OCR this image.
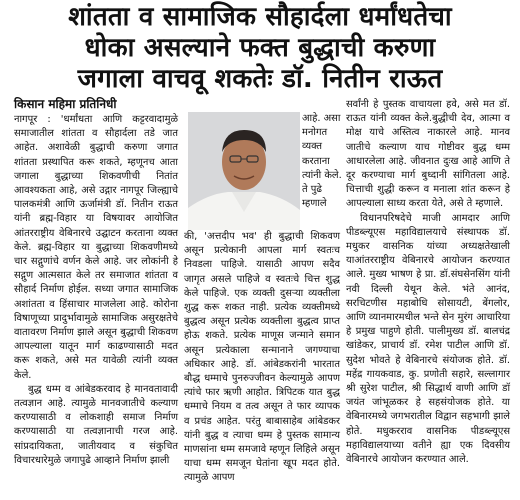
शांतता व सामाजिक सौहार्दला धर्मांधतेचा
धोका असल्याने फक्त बुद्धाची करुणा
जगाला वाचवू शकतेः डॉ. नितीन राऊत
किसान महिमा प्रतिनिधी

नागपूर : 'धर्मांधता आणि कट्टरवादामुळे समाजातील शांतता व सौहार्दला तडे जात आहेत. अशावेळी बुद्धाची करुणा जगात शांतता प्रस्थापित करू शकते, म्हणूनच आता जगाला बुद्धाच्या शिकवणीची नितांत आवश्यकता आहे, असे उद्गार नागपूर जिल्ह्याचे पालकमंत्री आणि ऊर्जामंत्री डॉ. नितीन राऊत यांनी ब्रह्म-विहार या विषयावर आयोजित आंतरराष्ट्रीय वेबिनारचे उद्घाटन करताना व्यक्त केले. ब्रह्म-विहार या बुद्धाच्या शिकवणीमध्ये चार सद्गुणांचे वर्णन केले आहे. जर लोकांनी हे सद्गुण आत्मसात केले तर समाजात शांतता व सौहार्द निर्माण होईल. सध्या जगात सामाजिक अशांतता व हिंसाचार माजलेला आहे. कोरोना विषाणूच्या प्रादुर्भावामुळे सामाजिक असुरक्षतेचे वातावरण निर्माण झाले असून बुद्धाची शिकवण आपल्याला यातून मार्ग काढण्यासाठी मदत करू शकते, असे मत यावेळी त्यांनी व्यक्त केले.

बुद्ध धम्म व आंबेडकरवाद हे मानवतावादी तत्वज्ञान आहे. त्यामुळे मानवजातीचे कल्याण करण्यासाठी व लोकशाही समाज निर्माण करण्यासाठी या तत्वज्ञानाची गरज आहे. सांप्रदायिकता, जातीयवाद व संकुचित विचारधारेमुळे जगापुढे आव्हाने निर्माण झाली

आहे. असा मनोगत व्यक्त करताना त्यांनी केले. ते पुढे म्हणाले

की, 'अत्तदीप भव' ही बुद्धाची शिकवण असून प्रत्येकानी आपला मार्ग स्वतःच निवडला पाहिजे. यासाठी आपण सदैव जागृत असले पाहिजे व स्वतःचे चित्त शुद्ध केले पाहिजे. एक व्यक्ती दुसऱ्या व्यक्तीला शुद्ध करू शकत नाही. प्रत्येक व्यक्तीमध्ये बुद्धत्व असून प्रत्येक व्यक्तीला बुद्धत्व प्राप्त होऊ शकते. प्रत्येक माणूस जन्माने समान असून प्रत्येकाला सन्मानाने जगण्याचा अधिकार आहे. डॉ. आंबेडकरांनी भारतात बौद्ध धम्माचे पुनरुज्जीवन केल्यामुळे आपण त्यांचे फार ऋणी आहोत. त्रिपिटक यात बुद्ध धम्माचे नियम व तत्व असून ते फार व्यापक व प्रचंड आहेत. परंतु बाबासाहेब आंबेडकर यांनी बुद्ध व त्याचा धम्म हे पुस्तक सामान्य माणसांना धम्म समजावे म्हणून लिहिले असून याचा धम्म समजून घेतांना खूप मदत होते. त्यामुळे आपण

सर्वांनी हे पुस्तक वाचायला हवे, असे मत डॉ. राऊत यांनी व्यक्त केले.बुद्धीची देव, आत्मा व मोक्ष याचे अस्तित्व नाकारले आहे. मानव जातीचे कल्याण याच गोष्टीवर बुद्ध धम्म आधारलेला आहे. जीवनात दुःख आहे आणि ते दूर करण्याचा मार्ग बुध्दानी सांगितला आहे. चित्ताची शुद्धी करून व मनाला शांत करून हे आपल्याला साध्य करता येते, असे ते म्हणाले.

विधानपरिषदेचे माजी आमदार आणि पीडब्ल्यूएस महाविद्यालयाचे संस्थापक डॉ. मधुकर वासनिक यांच्या अध्यक्षतेखाली याआंतरराष्ट्रीय वेबिनारचे आयोजन करण्यात आले. मुख्य भाषण हे प्रा. डॉ.संघसेनसिंग यांनी नवी दिल्ली येथून केले. भंते आनंद, सरचिटणीस महाबोधि सोसायटी, बेंगलोर, आणि व्यानमारमधील भन्ते सेन मुरंग आचारिया हे प्रमुख पाहुणे होती. पालीमुख्य डॉ. बालचंद्र खांडेकर, प्राचार्य डॉ. रमेश पाटील आणि डॉ. सुदेश भोवते हे वेबिनारचे संयोजक होते. डॉ. महेंद्र गायकवाड, कु. प्रणोती सहारे, सल्लागार श्री सुरेश पाटील, श्री सिद्धार्थ वाणी आणि डॉ जयंत जांभूळकर हे सहसंयोजक होते. या वेबिनारमध्ये जगभरातील विद्वान सहभागी झाले होते. मधुकरराव वासनिक पीडब्ल्यूएस महाविद्यालयाच्या वतीने ह्या एक दिवसीय वेबिनारचे आयोजन करण्यात आले.
